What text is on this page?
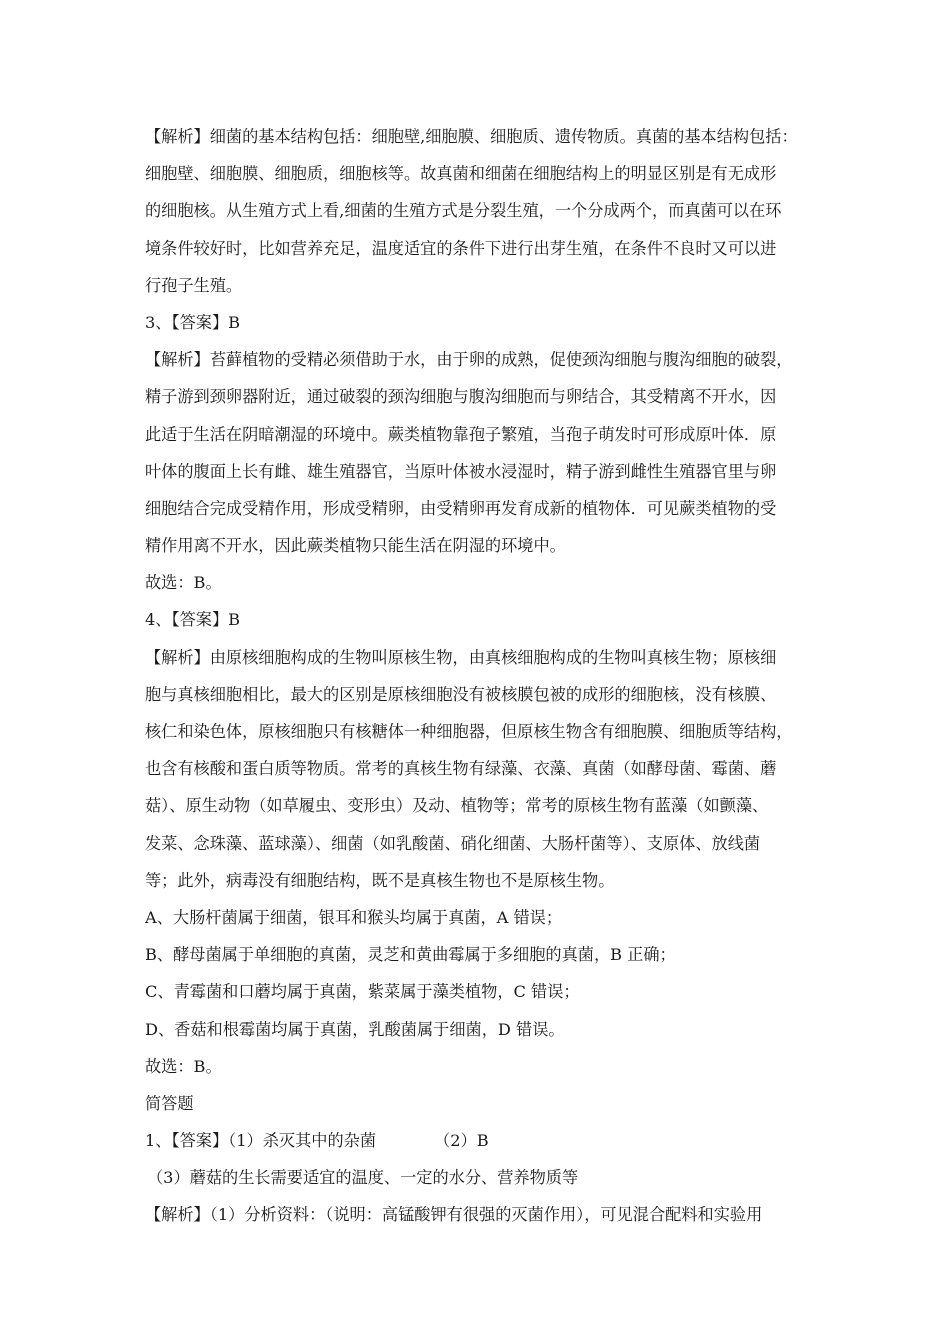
【解析】细菌的基本结构包括：细胞壁,细胞膜、细胞质、遗传物质。真菌的基本结构包括：
细胞壁、细胞膜、细胞质，细胞核等。故真菌和细菌在细胞结构上的明显区别是有无成形
的细胞核。从生殖方式上看,细菌的生殖方式是分裂生殖，一个分成两个，而真菌可以在环
境条件较好时，比如营养充足，温度适宜的条件下进行出芽生殖，在条件不良时又可以进
行孢子生殖。
3、【答案】B
【解析】苔藓植物的受精必须借助于水，由于卵的成熟，促使颈沟细胞与腹沟细胞的破裂，
精子游到颈卵器附近，通过破裂的颈沟细胞与腹沟细胞而与卵结合，其受精离不开水，因
此适于生活在阴暗潮湿的环境中。蕨类植物靠孢子繁殖，当孢子萌发时可形成原叶体．原
叶体的腹面上长有雌、雄生殖器官，当原叶体被水浸湿时，精子游到雌性生殖器官里与卵
细胞结合完成受精作用，形成受精卵，由受精卵再发育成新的植物体．可见蕨类植物的受
精作用离不开水，因此蕨类植物只能生活在阴湿的环境中。
故选：B。
4、【答案】B
【解析】由原核细胞构成的生物叫原核生物，由真核细胞构成的生物叫真核生物；原核细
胞与真核细胞相比，最大的区别是原核细胞没有被核膜包被的成形的细胞核，没有核膜、
核仁和染色体，原核细胞只有核糖体一种细胞器，但原核生物含有细胞膜、细胞质等结构，
也含有核酸和蛋白质等物质。常考的真核生物有绿藻、衣藻、真菌（如酵母菌、霉菌、蘑
菇）、原生动物（如草履虫、变形虫）及动、植物等；常考的原核生物有蓝藻（如颤藻、
发菜、念珠藻、蓝球藻）、细菌（如乳酸菌、硝化细菌、大肠杆菌等）、支原体、放线菌
等；此外，病毒没有细胞结构，既不是真核生物也不是原核生物。
A、大肠杆菌属于细菌，银耳和猴头均属于真菌，A 错误；
B、酵母菌属于单细胞的真菌，灵芝和黄曲霉属于多细胞的真菌，B 正确；
C、青霉菌和口蘑均属于真菌，紫菜属于藻类植物，C 错误；
D、香菇和根霉菌均属于真菌，乳酸菌属于细菌，D 错误。
故选：B。
简答题
1、【答案】（1）杀灭其中的杂菌	（2）B
（3）蘑菇的生长需要适宜的温度、一定的水分、营养物质等
【解析】（1）分析资料：（说明：高锰酸钾有很强的灭菌作用），可见混合配料和实验用
